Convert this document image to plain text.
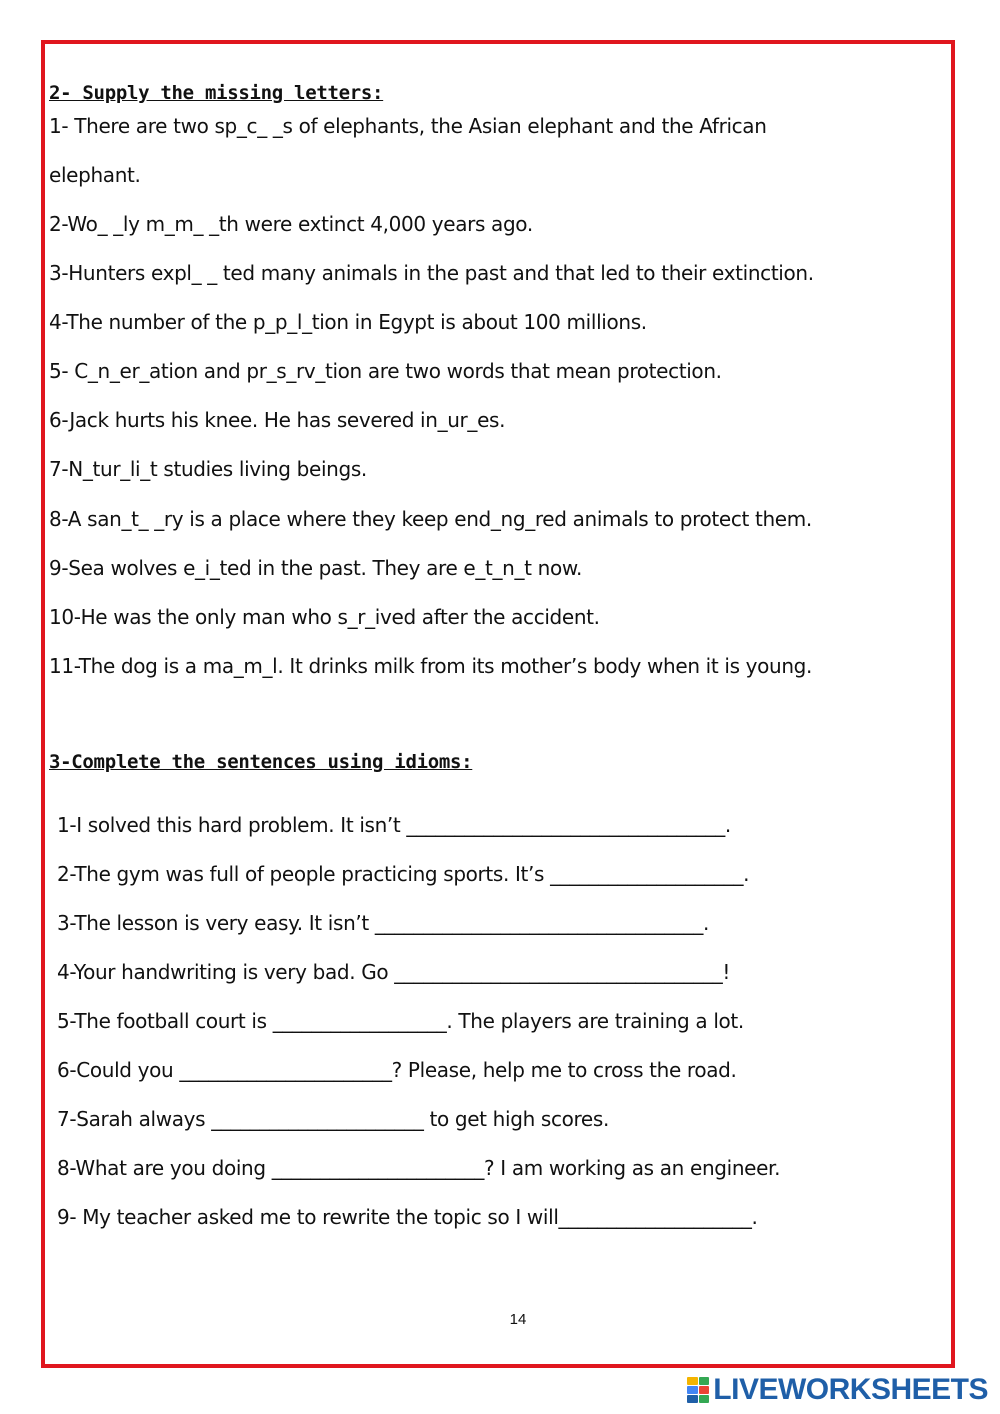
2- Supply the missing letters:
1- There are two sp_c_ _s of elephants, the Asian elephant and the African
elephant.
2-Wo_ _ly m_m_ _th were extinct 4,000 years ago.
3-Hunters expl_ _ ted many animals in the past and that led to their extinction.
4-The number of the p_p_l_tion in Egypt is about 100 millions.
5- C_n_er_ation and pr_s_rv_tion are two words that mean protection.
6-Jack hurts his knee. He has severed in_ur_es.
7-N_tur_li_t studies living beings.
8-A san_t_ _ry is a place where they keep end_ng_red animals to protect them.
9-Sea wolves e_i_ted in the past. They are e_t_n_t now.
10-He was the only man who s_r_ived after the accident.
11-The dog is a ma_m_l. It drinks milk from its mother’s body when it is young.
3-Complete the sentences using idioms:
1-I solved this hard problem. It isn’t _________________________________.
2-The gym was full of people practicing sports. It’s ____________________.
3-The lesson is very easy. It isn’t __________________________________.
4-Your handwriting is very bad. Go __________________________________!
5-The football court is __________________. The players are training a lot.
6-Could you ______________________? Please, help me to cross the road.
7-Sarah always ______________________ to get high scores.
8-What are you doing ______________________? I am working as an engineer.
9- My teacher asked me to rewrite the topic so I will____________________.
14
LIVEWORKSHEETS
